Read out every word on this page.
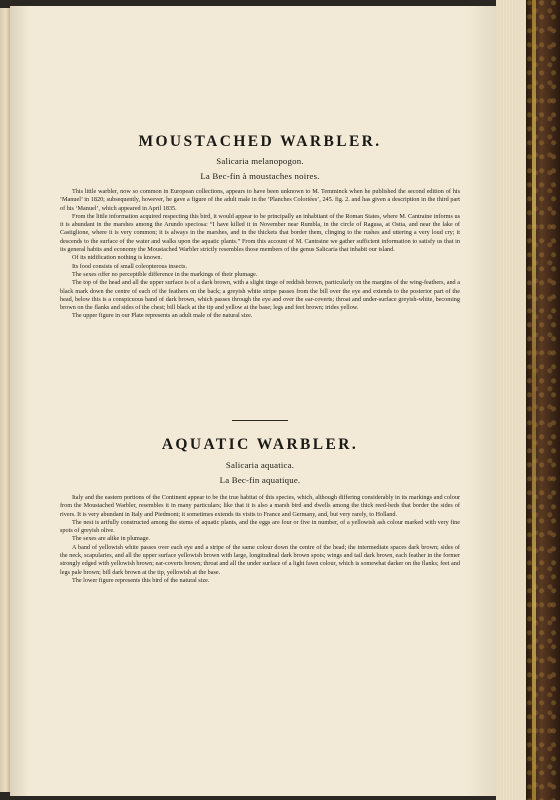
MOUSTACHED WARBLER.
Salicaria melanopogon.
La Bec-fin à moustaches noires.

This little warbler, now so common in European collections, appears to have been unknown to M. Temminck when he published the second edition of his ‘Manuel’ in 1820; subsequently, however, he gave a figure of the adult male in the ‘Planches Coloriées’, 245. fig. 2. and has given a description in the third part of his ‘Manuel’, which appeared in April 1835.

From the little information acquired respecting this bird, it would appear to be principally an inhabitant of the Roman States, where M. Cantraine informs us it is abundant in the marshes among the Arundo speciosa: “I have killed it in November near Rumbla, in the circle of Ragusa, at Ostia, and near the lake of Castiglione, where it is very common; it is always in the marshes, and in the thickets that border them, clinging to the rushes and uttering a very loud cry; it descends to the surface of the water and walks upon the aquatic plants.” From this account of M. Cantraine we gather sufficient information to satisfy us that in its general habits and economy the Moustached Warbler strictly resembles those members of the genus Salicaria that inhabit our island.

Of its nidification nothing is known.

Its food consists of small coleopterous insects.

The sexes offer no perceptible difference in the markings of their plumage.

The top of the head and all the upper surface is of a dark brown, with a slight tinge of reddish brown, particularly on the margins of the wing-feathers, and a black mark down the centre of each of the feathers on the back; a greyish white stripe passes from the bill over the eye and extends to the posterior part of the head, below this is a conspicuous band of dark brown, which passes through the eye and over the ear-coverts; throat and under-surface greyish-white, becoming brown on the flanks and sides of the chest; bill black at the tip and yellow at the base; legs and feet brown; irides yellow.

The upper figure in our Plate represents an adult male of the natural size.

AQUATIC WARBLER.
Salicaria aquatica.
La Bec-fin aquatique.

Italy and the eastern portions of the Continent appear to be the true habitat of this species, which, although differing considerably in its markings and colour from the Moustached Warbler, resembles it in many particulars; like that it is also a marsh bird and dwells among the thick reed-beds that border the sides of rivers. It is very abundant in Italy and Piedmont; it sometimes extends its visits to France and Germany, and, but very rarely, to Holland.

The nest is artfully constructed among the stems of aquatic plants, and the eggs are four or five in number, of a yellowish ash colour marked with very fine spots of greyish olive.

The sexes are alike in plumage.

A band of yellowish white passes over each eye and a stripe of the same colour down the centre of the head; the intermediate spaces dark brown; sides of the neck, scapularies, and all the upper surface yellowish brown with large, longitudinal dark brown spots; wings and tail dark brown, each feather in the former strongly edged with yellowish brown; ear-coverts brown; throat and all the under surface of a light fawn colour, which is somewhat darker on the flanks; feet and legs pale brown; bill dark brown at the tip, yellowish at the base.

The lower figure represents this bird of the natural size.
